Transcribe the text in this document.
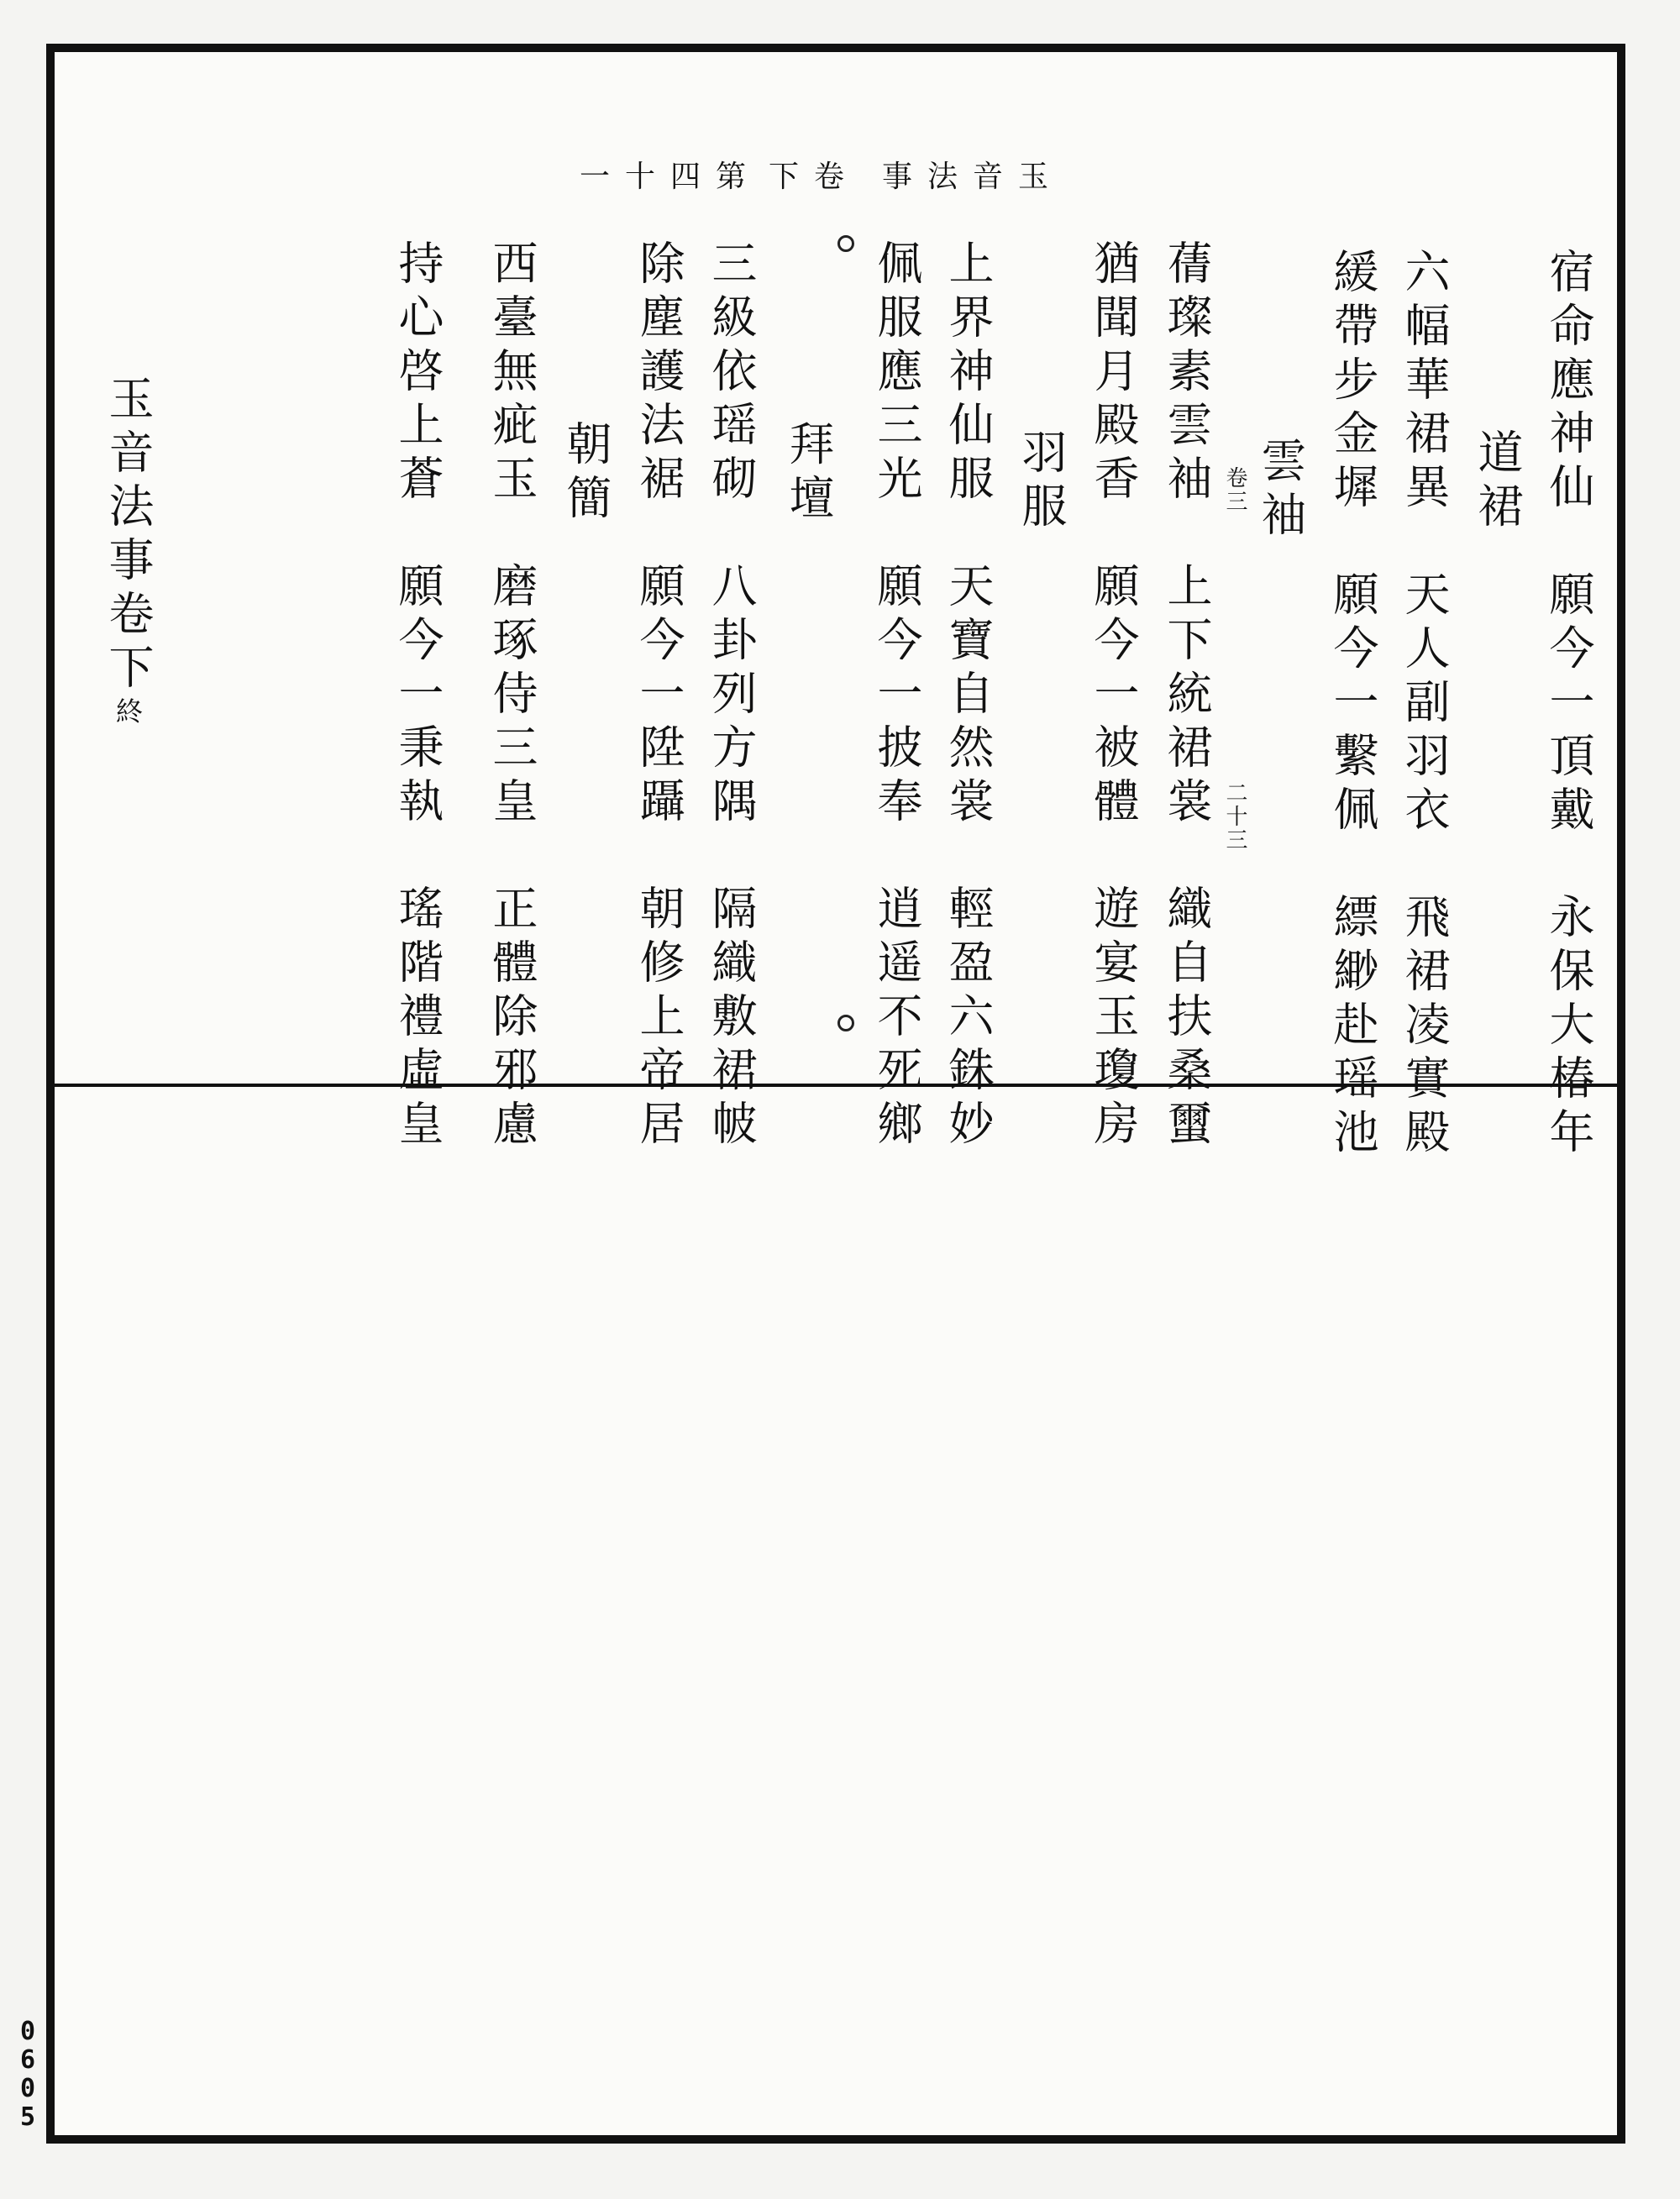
玉音法事
卷下
第四十一
宿命應神仙　願今一頂戴　永保大椿年
道裙
六幅華裙異　天人副羽衣　飛裙凌實殿
緩帶步金墀　願今一繫佩　縹緲赴瑶池
雲袖
卷三
二十三
蒨璨素雲袖　上下統裙裳　織自扶桑蠒
猶聞月殿香　願今一被體　遊宴玉瓊房
羽服
上界神仙服　天寶自然裳　輕盈六銖妙
佩服應三光　願今一披奉　逍遥不死鄉
拜壇
三級依瑶砌　八卦列方隅　隔織敷裙帔
除塵護法裾　願今一陞躡　朝修上帝居
朝簡
西臺無疵玉　磨琢侍三皇　正體除邪慮
持心啓上蒼　願今一秉執　瑤階禮虛皇

玉音法事卷下終

0605
